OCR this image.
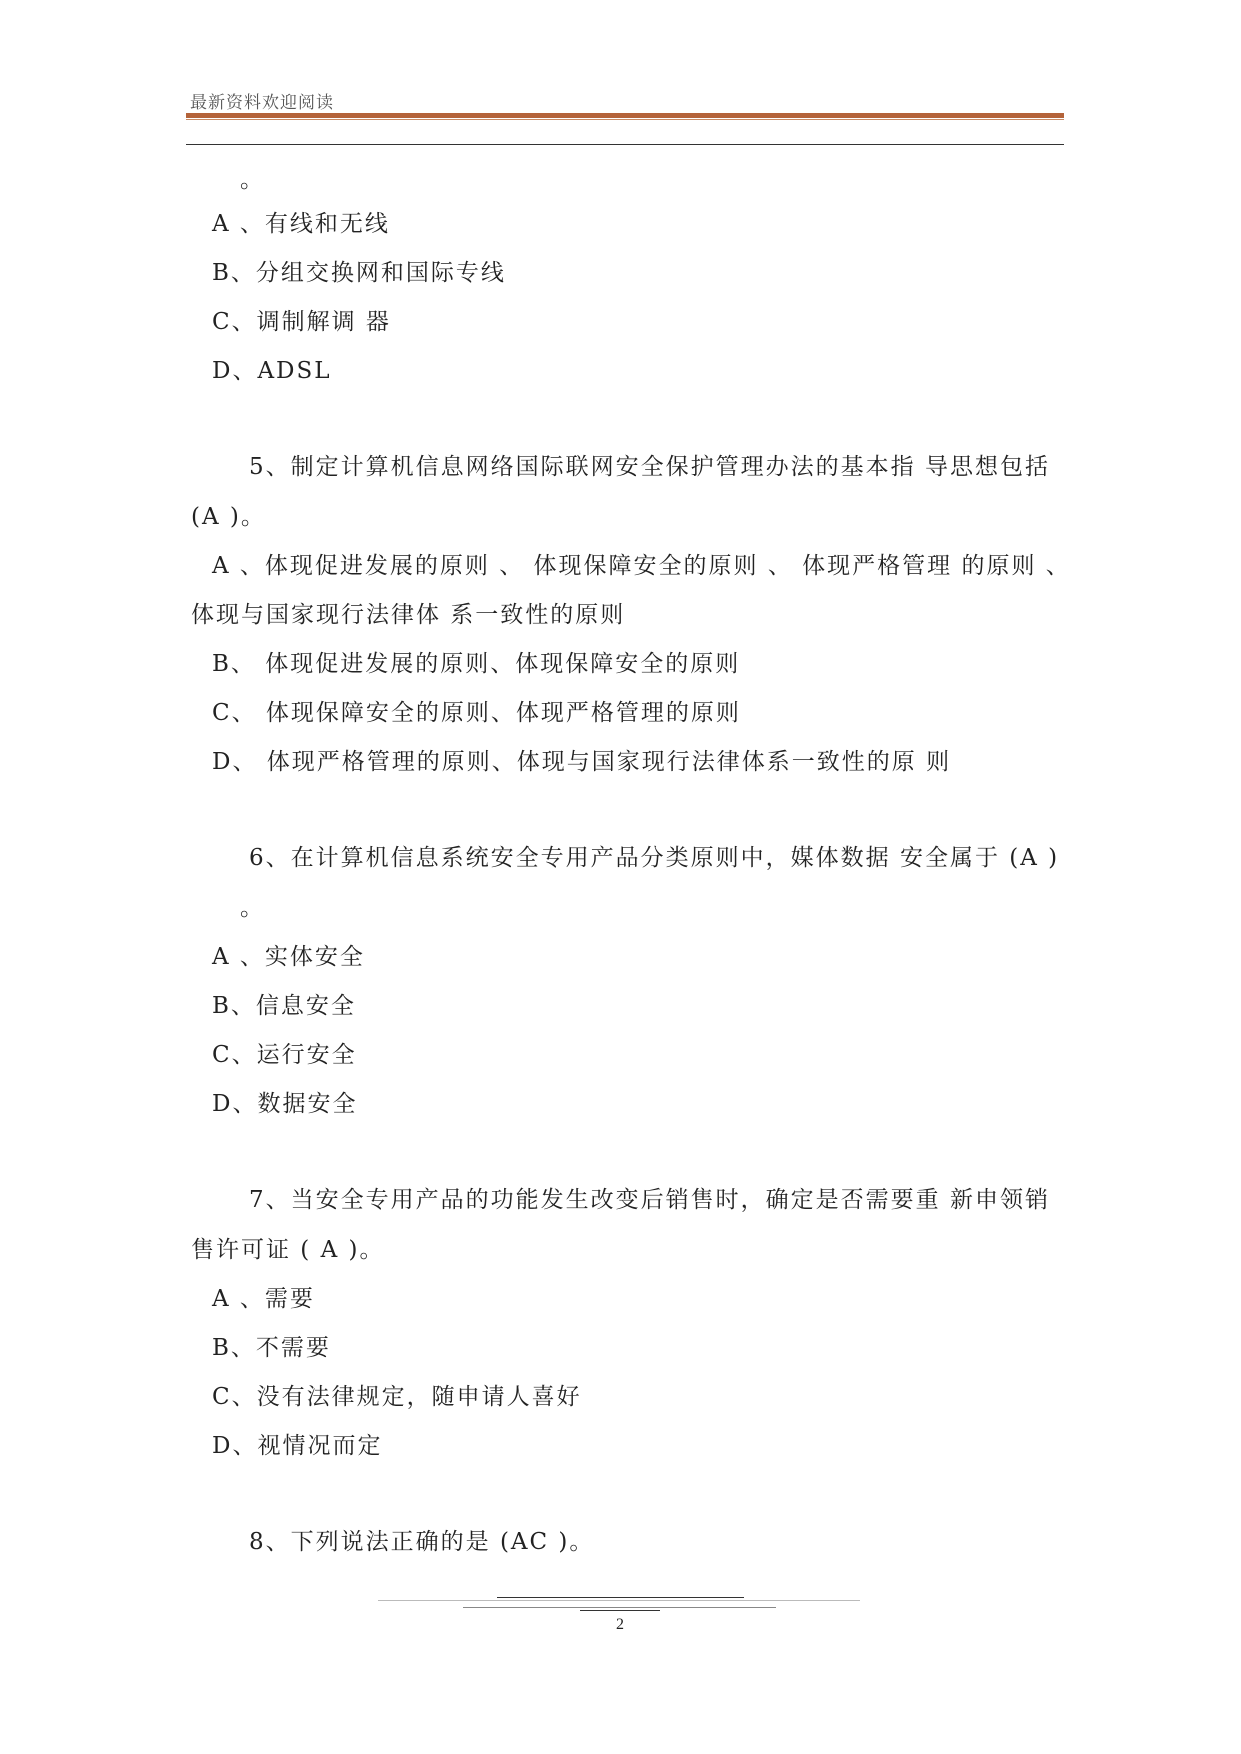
最新资料欢迎阅读
。
A 、有线和无线
B、分组交换网和国际专线
C、调制解调 器
D、ADSL
5、制定计算机信息网络国际联网安全保护管理办法的基本指 导思想包括
(A )。
A 、体现促进发展的原则 、 体现保障安全的原则 、 体现严格管理 的原则 、
体现与国家现行法律体 系一致性的原则
B、 体现促进发展的原则、体现保障安全的原则
C、 体现保障安全的原则、体现严格管理的原则
D、 体现严格管理的原则、体现与国家现行法律体系一致性的原 则
6、在计算机信息系统安全专用产品分类原则中，媒体数据 安全属于 (A )
。
A 、实体安全
B、信息安全
C、运行安全
D、数据安全
7、当安全专用产品的功能发生改变后销售时，确定是否需要重 新申领销
售许可证 ( A )。
A 、需要
B、不需要
C、没有法律规定，随申请人喜好
D、视情况而定
8、下列说法正确的是 (AC )。
2
